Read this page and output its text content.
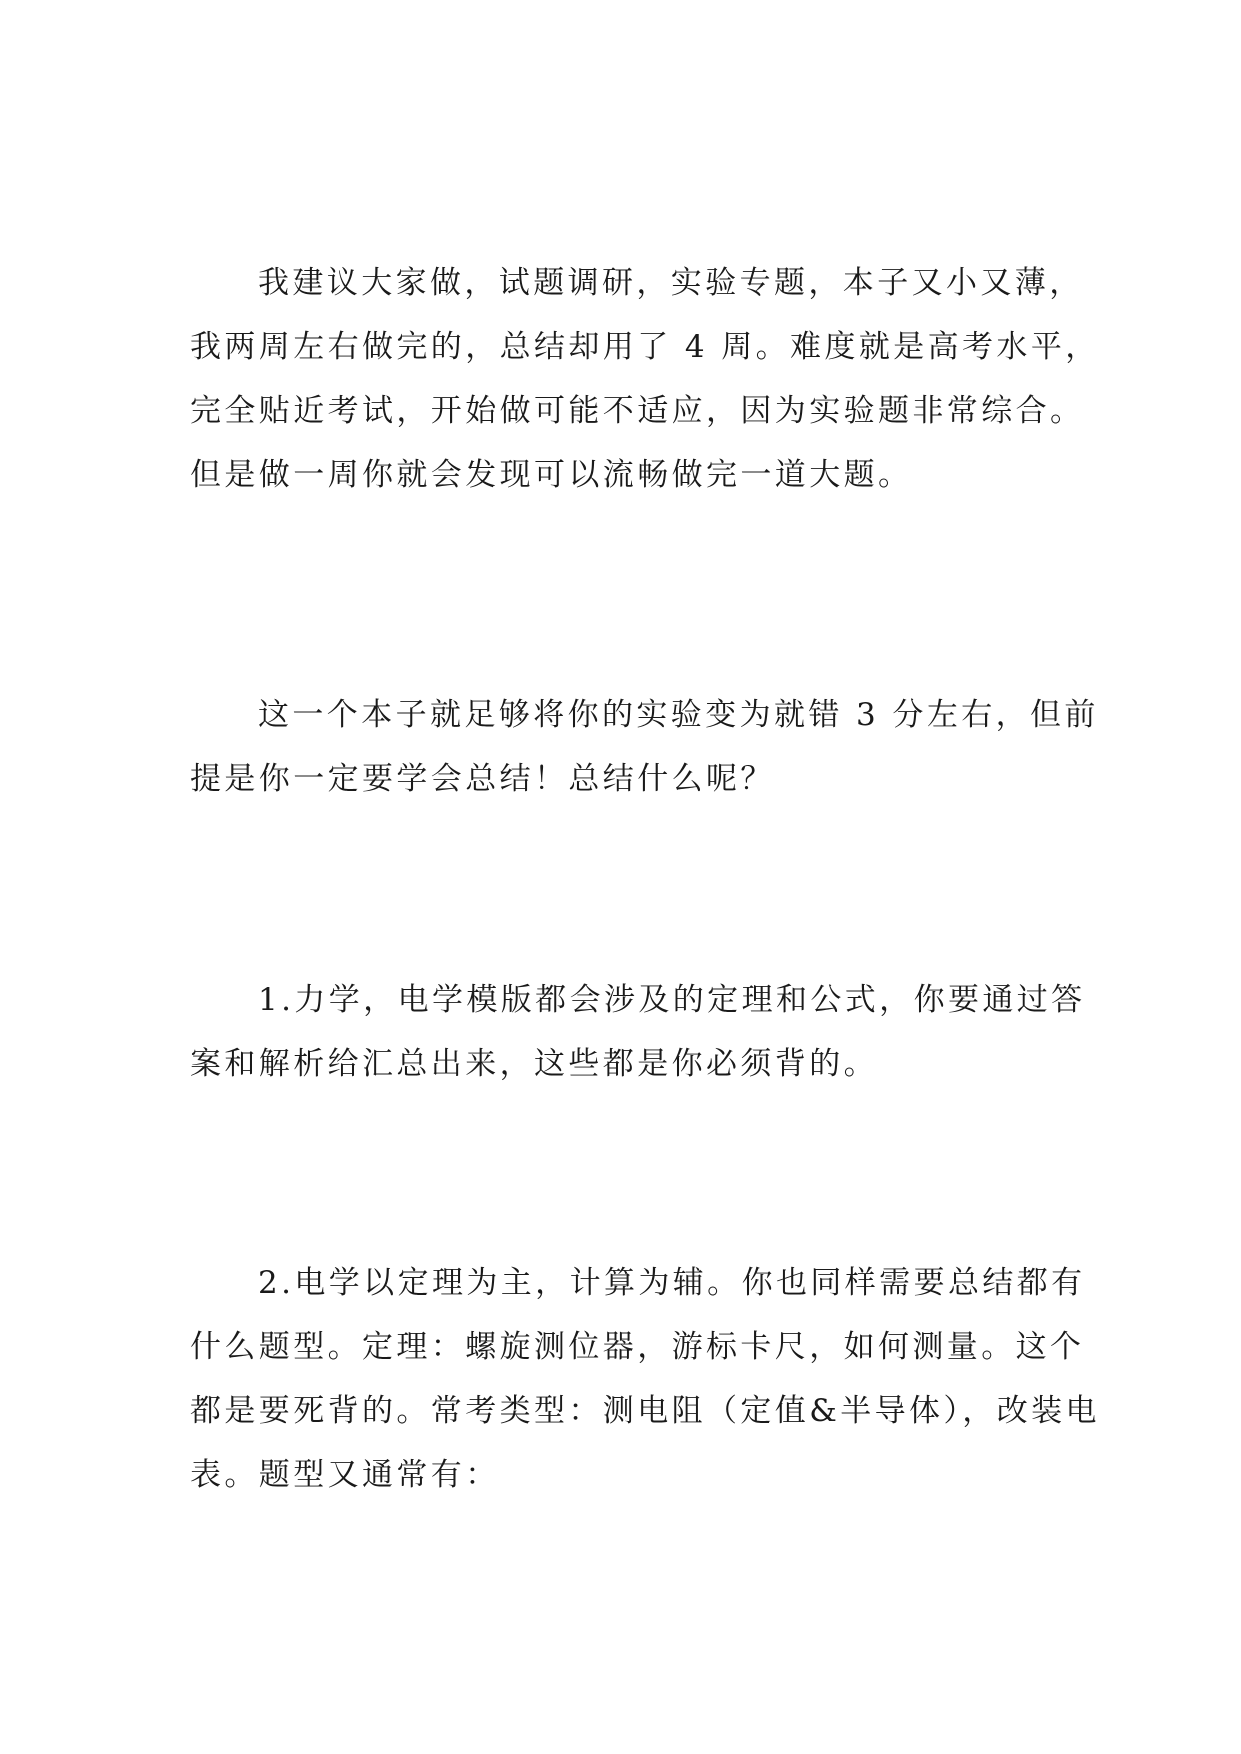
我建议大家做，试题调研，实验专题，本子又小又薄，
我两周左右做完的，总结却用了 4 周。难度就是高考水平，
完全贴近考试，开始做可能不适应，因为实验题非常综合。
但是做一周你就会发现可以流畅做完一道大题。
这一个本子就足够将你的实验变为就错 3 分左右，但前
提是你一定要学会总结！总结什么呢？
1.力学，电学模版都会涉及的定理和公式，你要通过答
案和解析给汇总出来，这些都是你必须背的。
2.电学以定理为主，计算为辅。你也同样需要总结都有
什么题型。定理：螺旋测位器，游标卡尺，如何测量。这个
都是要死背的。常考类型：测电阻（定值&半导体），改装电
表。题型又通常有：
